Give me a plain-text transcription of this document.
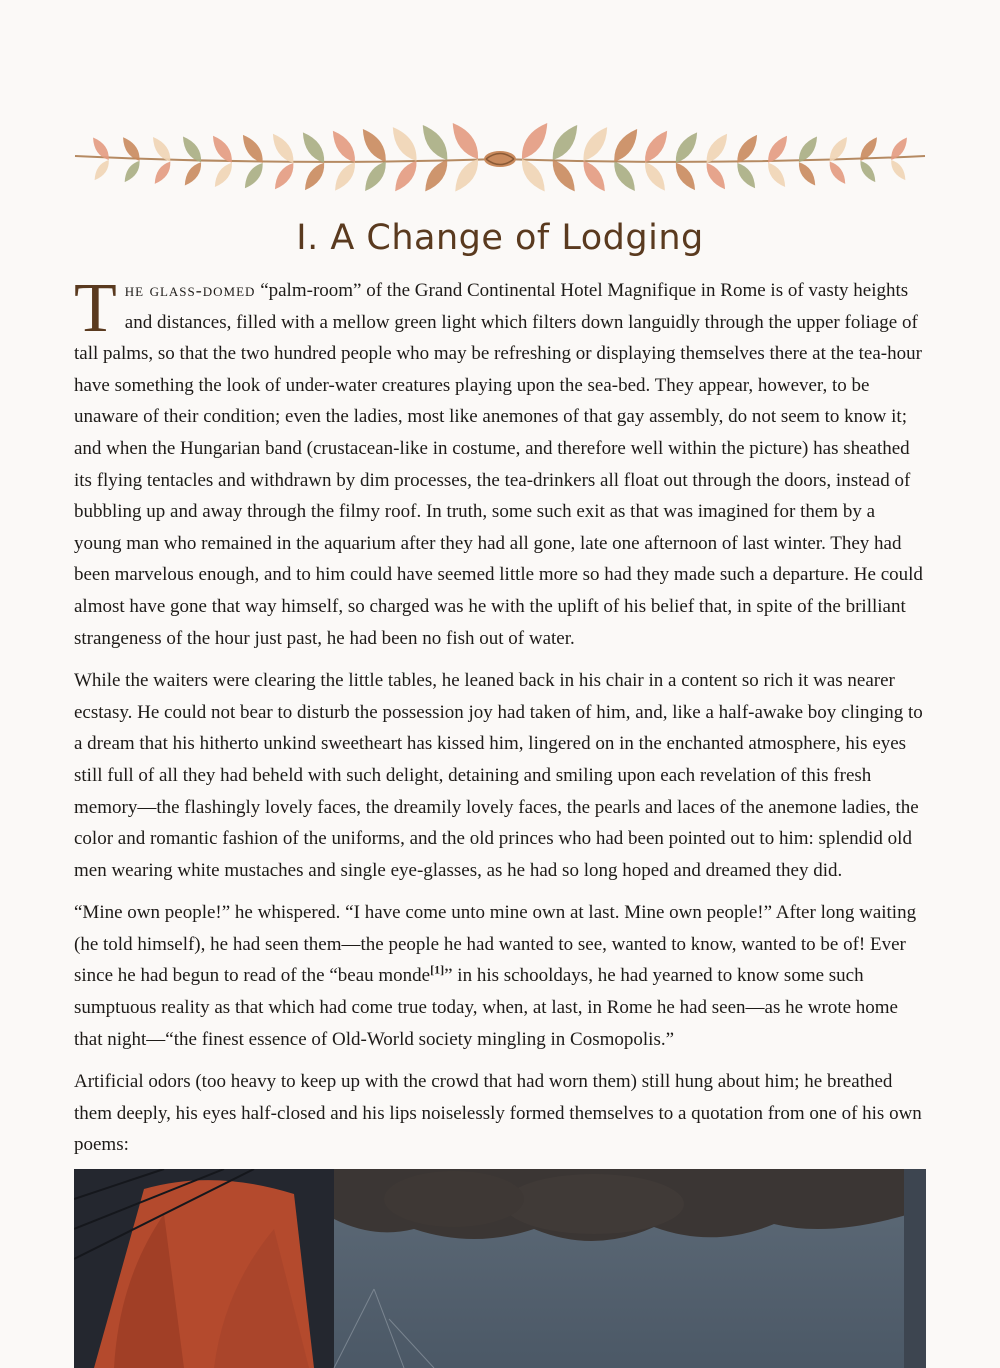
I. A Change of Lodging

The glass-domed “palm-room” of the Grand Continental Hotel Magnifique in Rome is of vasty heights and distances, filled with a mellow green light which filters down languidly through the upper foliage of tall palms, so that the two hundred people who may be refreshing or displaying themselves there at the tea-hour have something the look of under-water creatures playing upon the sea-bed. They appear, however, to be unaware of their condition; even the ladies, most like anemones of that gay assembly, do not seem to know it; and when the Hungarian band (crustacean-like in costume, and therefore well within the picture) has sheathed its flying tentacles and withdrawn by dim processes, the tea-drinkers all float out through the doors, instead of bubbling up and away through the filmy roof. In truth, some such exit as that was imagined for them by a young man who remained in the aquarium after they had all gone, late one afternoon of last winter. They had been marvelous enough, and to him could have seemed little more so had they made such a departure. He could almost have gone that way himself, so charged was he with the uplift of his belief that, in spite of the brilliant strangeness of the hour just past, he had been no fish out of water.

While the waiters were clearing the little tables, he leaned back in his chair in a content so rich it was nearer ecstasy. He could not bear to disturb the possession joy had taken of him, and, like a half-awake boy clinging to a dream that his hitherto unkind sweetheart has kissed him, lingered on in the enchanted atmosphere, his eyes still full of all they had beheld with such delight, detaining and smiling upon each revelation of this fresh memory—the flashingly lovely faces, the dreamily lovely faces, the pearls and laces of the anemone ladies, the color and romantic fashion of the uniforms, and the old princes who had been pointed out to him: splendid old men wearing white mustaches and single eye-glasses, as he had so long hoped and dreamed they did.

“Mine own people!” he whispered. “I have come unto mine own at last. Mine own people!” After long waiting (he told himself), he had seen them—the people he had wanted to see, wanted to know, wanted to be of! Ever since he had begun to read of the “beau monde[1]” in his schooldays, he had yearned to know some such sumptuous reality as that which had come true today, when, at last, in Rome he had seen—as he wrote home that night—“the finest essence of Old-World society mingling in Cosmopolis.”

Artificial odors (too heavy to keep up with the crowd that had worn them) still hung about him; he breathed them deeply, his eyes half-closed and his lips noiselessly formed themselves to a quotation from one of his own poems:
